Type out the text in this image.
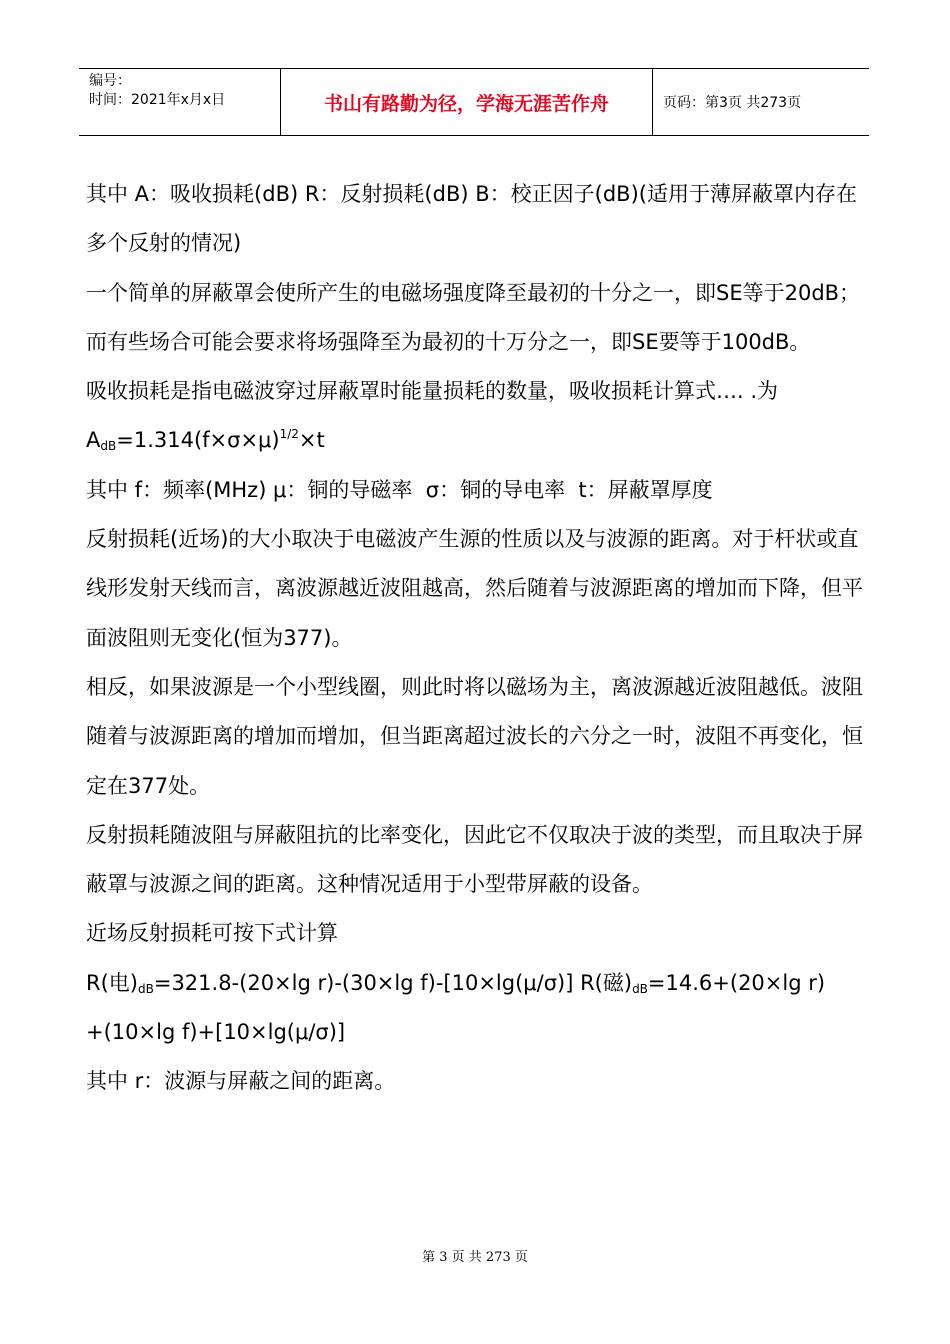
编号：
时间：2021年x月x日	书山有路勤为径，学海无涯苦作舟	页码：第3页 共273页

其中 A：吸收损耗(dB) R：反射损耗(dB) B：校正因子(dB)(适用于薄屏蔽罩内存在多个反射的情况)

一个简单的屏蔽罩会使所产生的电磁场强度降至最初的十分之一，即SE等于20dB；而有些场合可能会要求将场强降至为最初的十万分之一，即SE要等于100dB。

吸收损耗是指电磁波穿过屏蔽罩时能量损耗的数量，吸收损耗计算式…. .为

$A_{dB}=1.314(f\times\sigma\times\mu)^{1/2}\times t$

其中 f：频率(MHz) μ：铜的导磁率  σ：铜的导电率  t：屏蔽罩厚度

反射损耗(近场)的大小取决于电磁波产生源的性质以及与波源的距离。对于杆状或直线形发射天线而言，离波源越近波阻越高，然后随着与波源距离的增加而下降，但平面波阻则无变化(恒为377)。

相反，如果波源是一个小型线圈，则此时将以磁场为主，离波源越近波阻越低。波阻随着与波源距离的增加而增加，但当距离超过波长的六分之一时，波阻不再变化，恒定在377处。

反射损耗随波阻与屏蔽阻抗的比率变化，因此它不仅取决于波的类型，而且取决于屏蔽罩与波源之间的距离。这种情况适用于小型带屏蔽的设备。

近场反射损耗可按下式计算

R(电)$_{dB}=321.8-(20\times\lg$ r)-(30×lg f)-[10×lg(μ/σ)] R(磁)$_{dB}=14.6+(20\times\lg$ r)

+(10×lg f)+[10×lg(μ/σ)]

其中 r：波源与屏蔽之间的距离。

第 3 页 共 273 页
